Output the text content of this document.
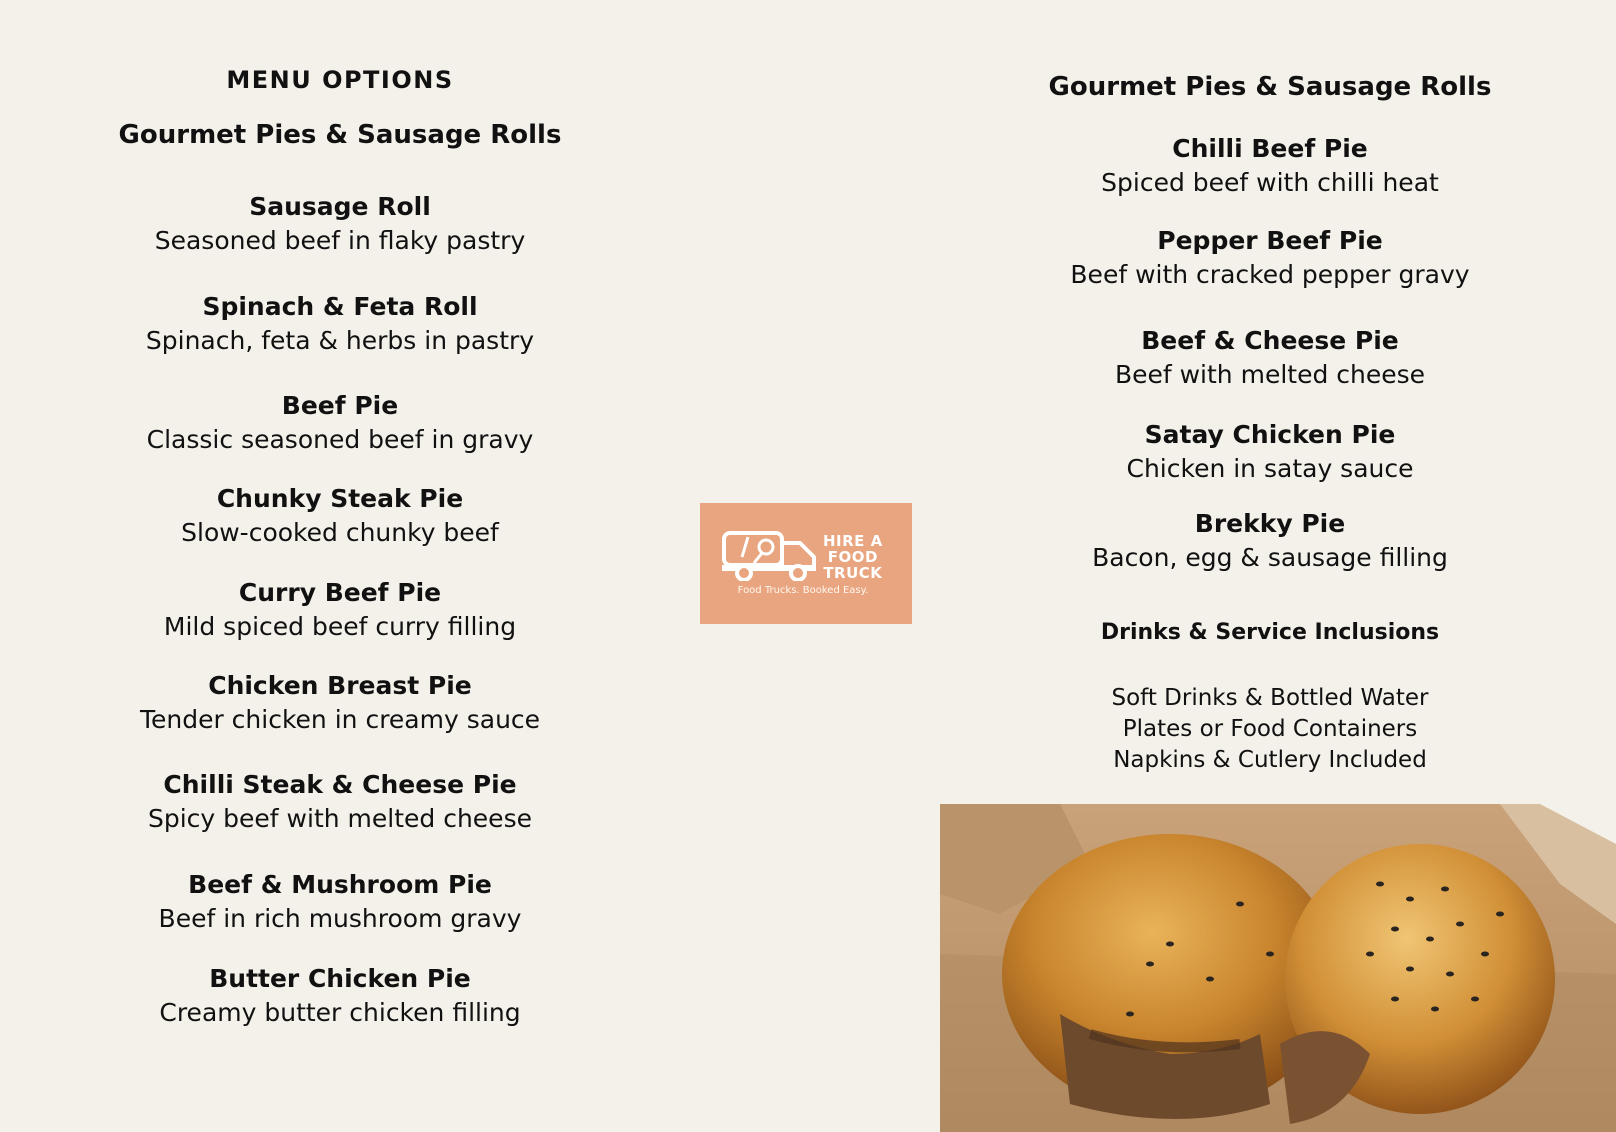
MENU OPTIONS
Gourmet Pies & Sausage Rolls
Sausage Roll
Seasoned beef in flaky pastry
Spinach & Feta Roll
Spinach, feta & herbs in pastry
Beef Pie
Classic seasoned beef in gravy
Chunky Steak Pie
Slow-cooked chunky beef
Curry Beef Pie
Mild spiced beef curry filling
Chicken Breast Pie
Tender chicken in creamy sauce
Chilli Steak & Cheese Pie
Spicy beef with melted cheese
Beef & Mushroom Pie
Beef in rich mushroom gravy
Butter Chicken Pie
Creamy butter chicken filling
HIRE A
FOOD
TRUCK
Food Trucks. Booked Easy.
Gourmet Pies & Sausage Rolls
Chilli Beef Pie
Spiced beef with chilli heat
Pepper Beef Pie
Beef with cracked pepper gravy
Beef & Cheese Pie
Beef with melted cheese
Satay Chicken Pie
Chicken in satay sauce
Brekky Pie
Bacon, egg & sausage filling
Drinks & Service Inclusions
Soft Drinks & Bottled Water
Plates or Food Containers
Napkins & Cutlery Included
